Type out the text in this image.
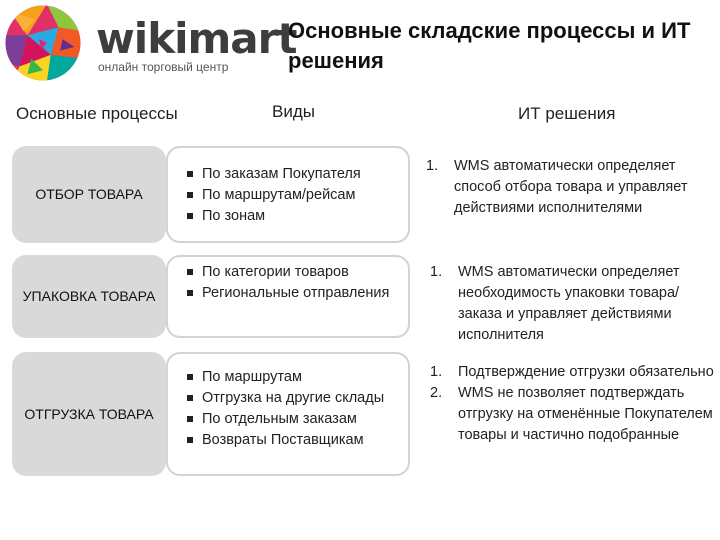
wikimart
онлайн торговый центр
Основные складские процессы и ИТ решения
Основные процессы	Виды	ИТ решения
ОТБОР ТОВАРА
По заказам Покупателя
По маршрутам/рейсам
По зонам
1. WMS автоматически определяет способ отбора товара и управляет действиями исполнителями
УПАКОВКА ТОВАРА
По категории товаров
Региональные отправления
1. WMS автоматически определяет необходимость упаковки товара/заказа и управляет действиями исполнителя
ОТГРУЗКА ТОВАРА
По маршрутам
Отгрузка на другие склады
По отдельным заказам
Возвраты Поставщикам
1. Подтверждение отгрузки обязательно
2. WMS не позволяет подтверждать отгрузку на отменённые Покупателем товары и частично подобранные
